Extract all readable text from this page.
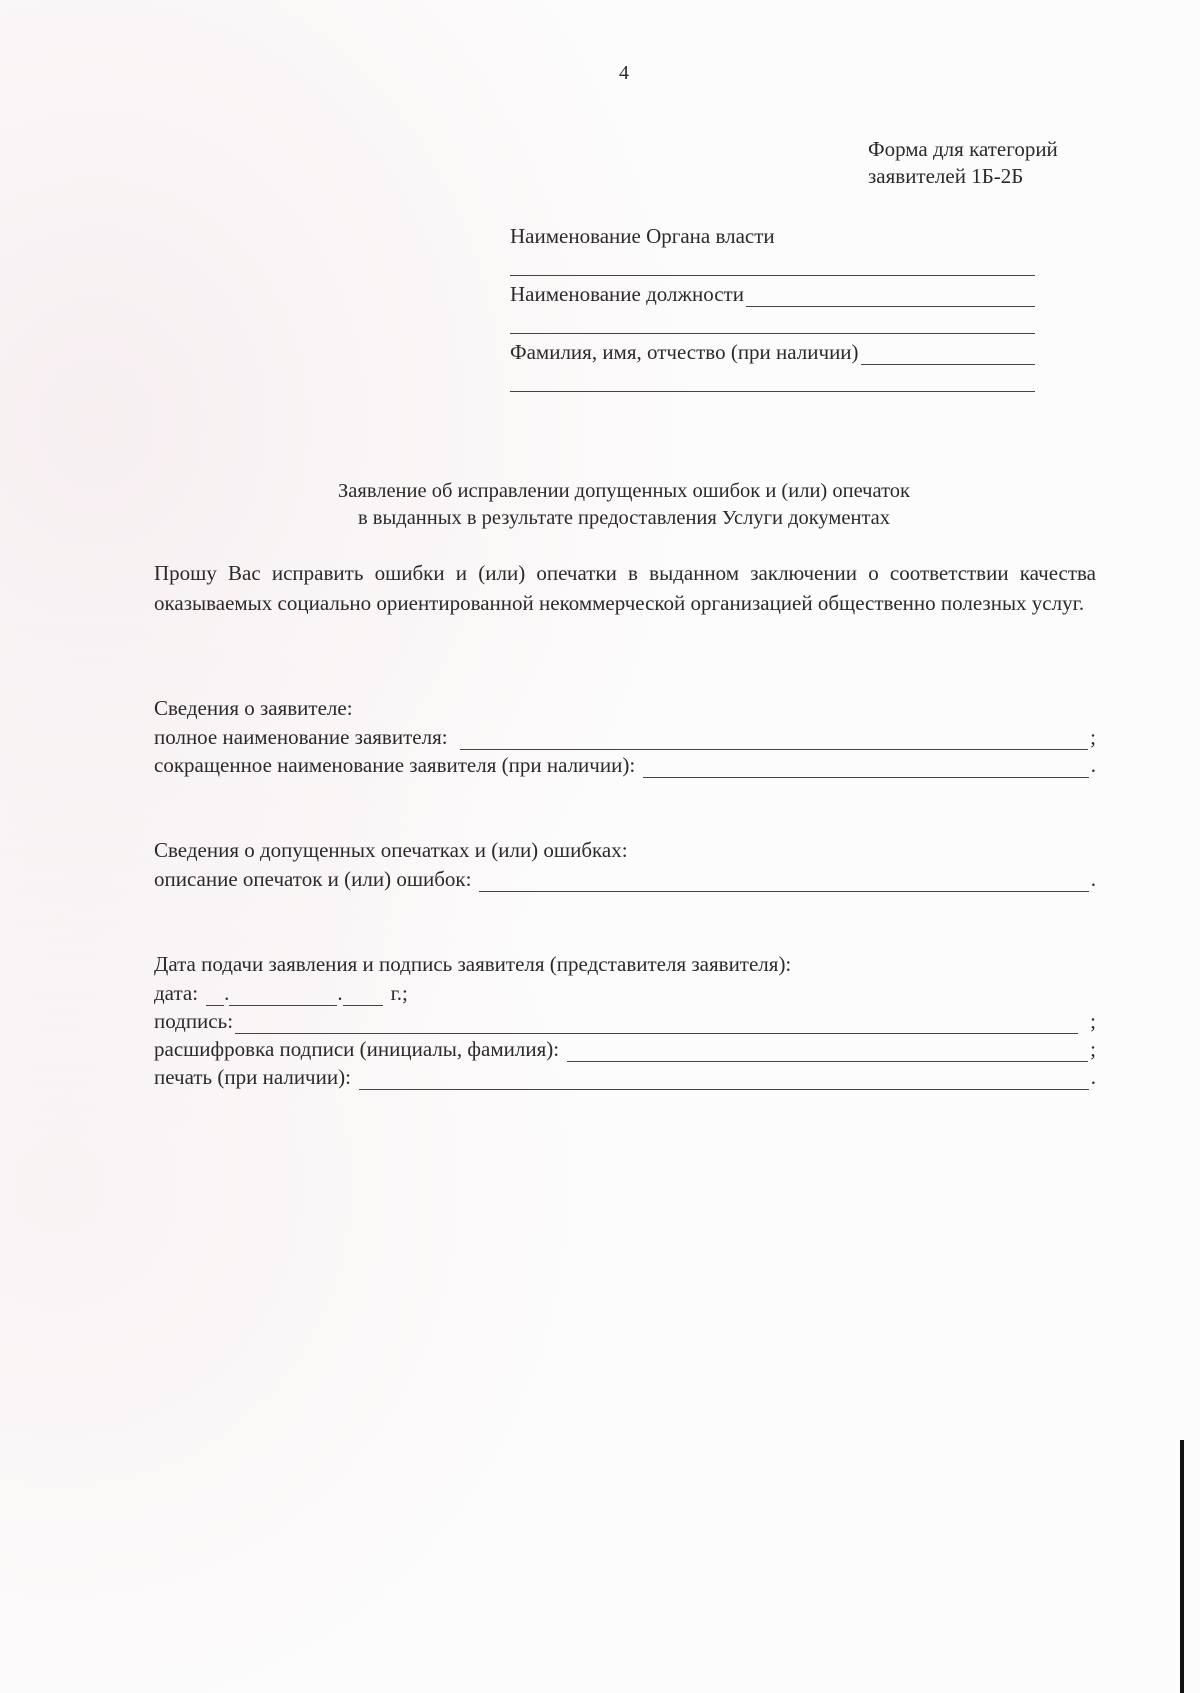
4
Форма для категорий
заявителей 1Б-2Б
Наименование Органа власти
Наименование должности
Фамилия, имя, отчество (при наличии)
Заявление об исправлении допущенных ошибок и (или) опечаток
в выданных в результате предоставления Услуги документах
Прошу Вас исправить ошибки и (или) опечатки в выданном заключении о соответствии качества оказываемых социально ориентированной некоммерческой организацией общественно полезных услуг.
Сведения о заявителе:
полное наименование заявителя:	;
сокращенное наименование заявителя (при наличии):	.
Сведения о допущенных опечатках и (или) ошибках:
описание опечаток и (или) ошибок:	.
Дата подачи заявления и подпись заявителя (представителя заявителя):
дата: .	. г.;
подпись:	;
расшифровка подписи (инициалы, фамилия):	;
печать (при наличии):	.
